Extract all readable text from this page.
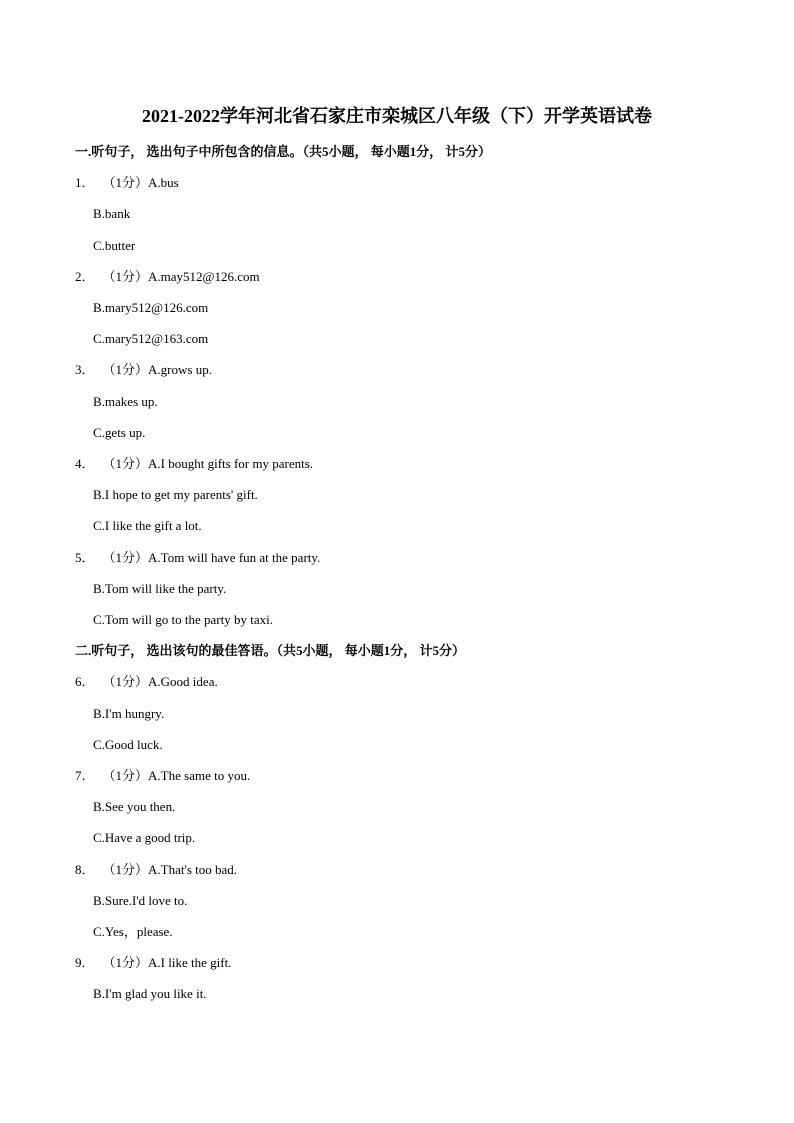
2021-2022学年河北省石家庄市栾城区八年级（下）开学英语试卷
一.听句子， 选出句子中所包含的信息。（共5小题， 每小题1分， 计5分）
1． （1分）A.bus
B.bank
C.butter
2． （1分）A.may512@126.com
B.mary512@126.com
C.mary512@163.com
3． （1分）A.grows up.
B.makes up.
C.gets up.
4． （1分）A.I bought gifts for my parents.
B.I hope to get my parents' gift.
C.I like the gift a lot.
5． （1分）A.Tom will have fun at the party.
B.Tom will like the party.
C.Tom will go to the party by taxi.
二.听句子， 选出该句的最佳答语。（共5小题， 每小题1分， 计5分）
6． （1分）A.Good idea.
B.I'm hungry.
C.Good luck.
7． （1分）A.The same to you.
B.See you then.
C.Have a good trip.
8． （1分）A.That's too bad.
B.Sure.I'd love to.
C.Yes，please.
9． （1分）A.I like the gift.
B.I'm glad you like it.
